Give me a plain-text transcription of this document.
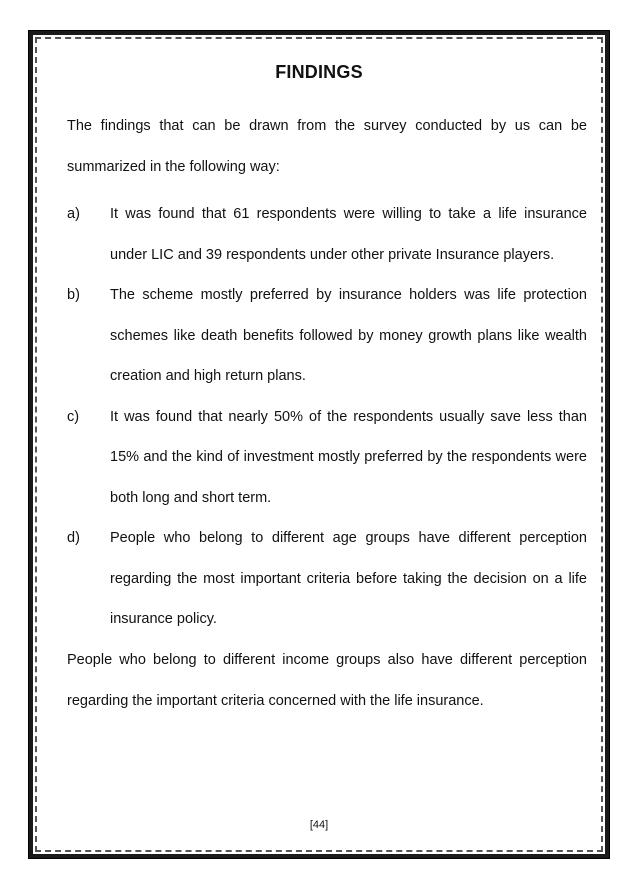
FINDINGS
The findings that can be drawn from the survey conducted by us can be summarized in the following way:
a) It was found that 61 respondents were willing to take a life insurance under LIC and 39 respondents under other private Insurance players.
b) The scheme mostly preferred by insurance holders was life protection schemes like death benefits followed by money growth plans like wealth creation and high return plans.
c) It was found that nearly 50% of the respondents usually save less than 15% and the kind of investment mostly preferred by the respondents were both long and short term.
d) People who belong to different age groups have different perception regarding the most important criteria before taking the decision on a life insurance policy.
People who belong to different income groups also have different perception regarding the important criteria concerned with the life insurance.
[44]
